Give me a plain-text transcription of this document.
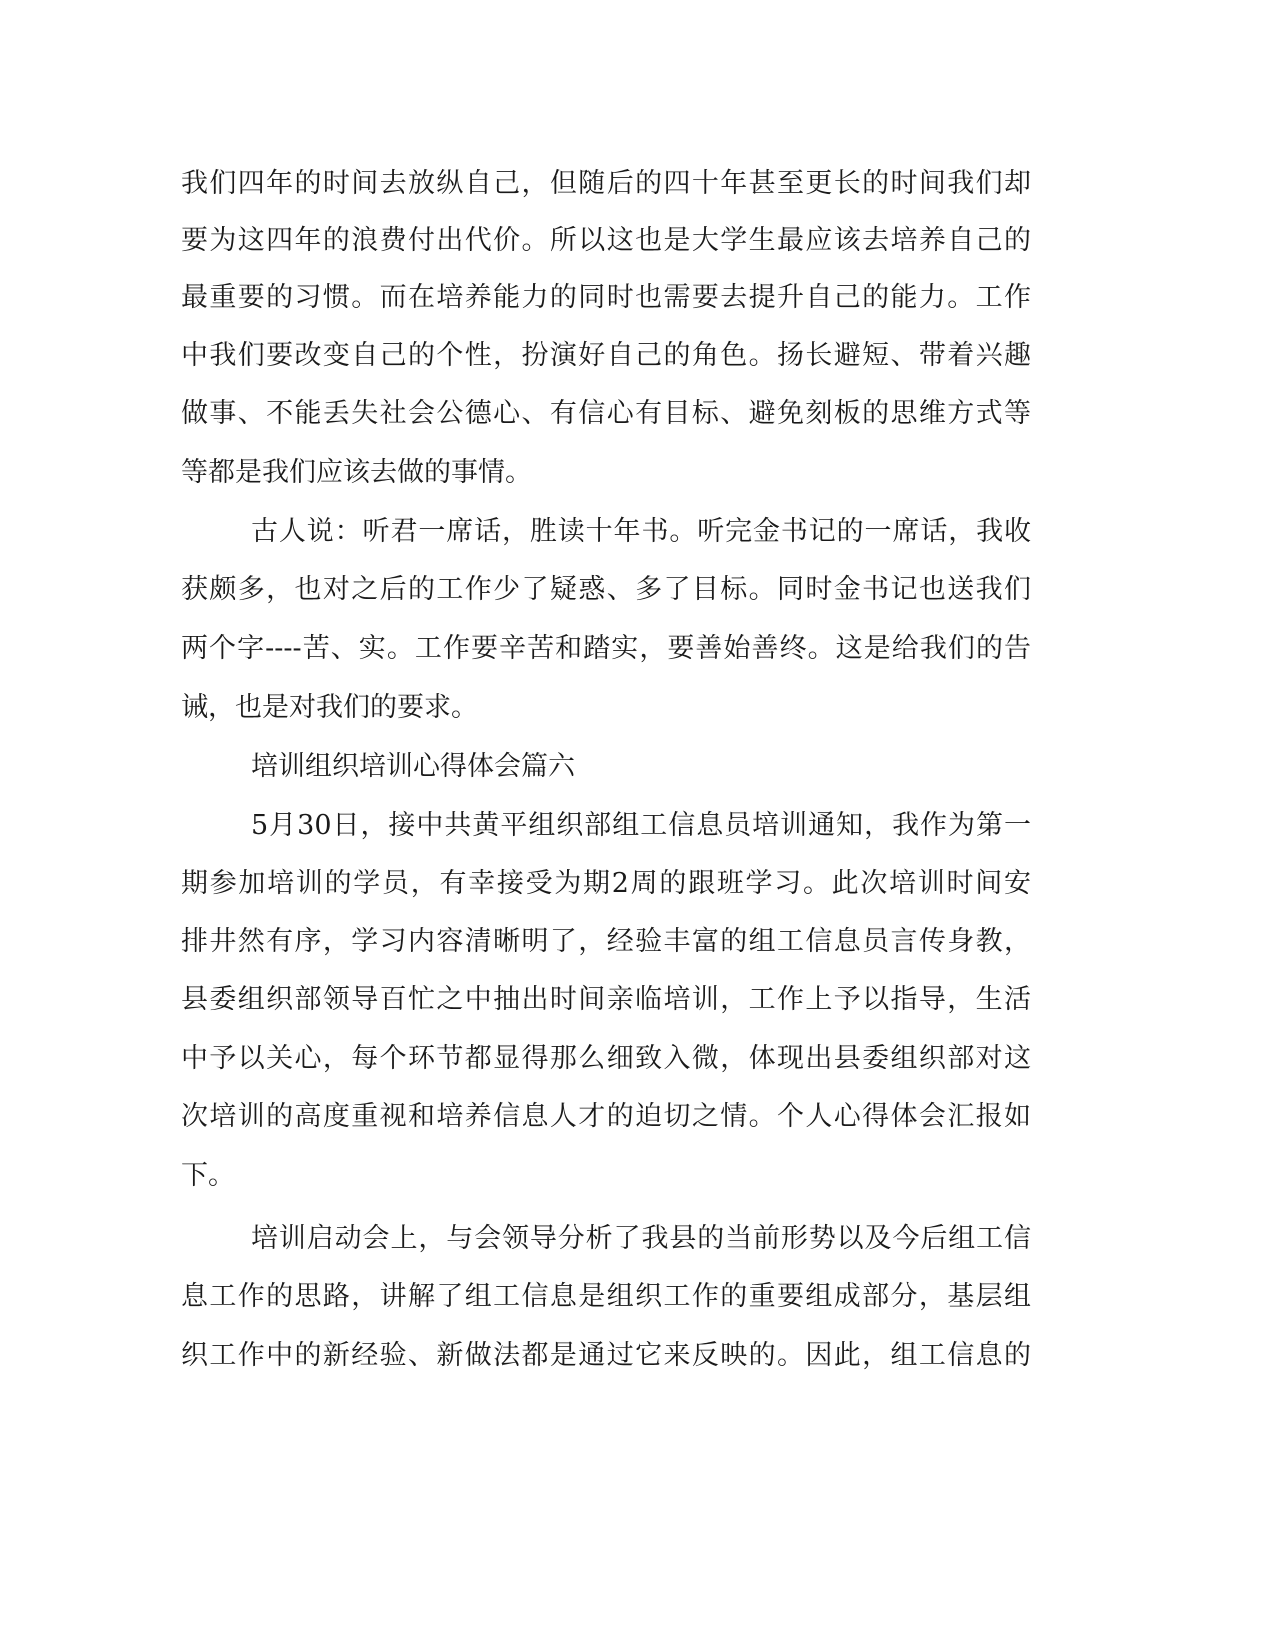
我们四年的时间去放纵自己，但随后的四十年甚至更长的时间我们却
要为这四年的浪费付出代价。所以这也是大学生最应该去培养自己的
最重要的习惯。而在培养能力的同时也需要去提升自己的能力。工作
中我们要改变自己的个性，扮演好自己的角色。扬长避短、带着兴趣
做事、不能丢失社会公德心、有信心有目标、避免刻板的思维方式等
等都是我们应该去做的事情。
古人说：听君一席话，胜读十年书。听完金书记的一席话，我收
获颇多，也对之后的工作少了疑惑、多了目标。同时金书记也送我们
两个字----苦、实。工作要辛苦和踏实，要善始善终。这是给我们的告
诫，也是对我们的要求。
培训组织培训心得体会篇六
5月30日，接中共黄平组织部组工信息员培训通知，我作为第一
期参加培训的学员，有幸接受为期2周的跟班学习。此次培训时间安
排井然有序，学习内容清晰明了，经验丰富的组工信息员言传身教，
县委组织部领导百忙之中抽出时间亲临培训，工作上予以指导，生活
中予以关心，每个环节都显得那么细致入微，体现出县委组织部对这
次培训的高度重视和培养信息人才的迫切之情。个人心得体会汇报如
下。
培训启动会上，与会领导分析了我县的当前形势以及今后组工信
息工作的思路，讲解了组工信息是组织工作的重要组成部分，基层组
织工作中的新经验、新做法都是通过它来反映的。因此，组工信息的
